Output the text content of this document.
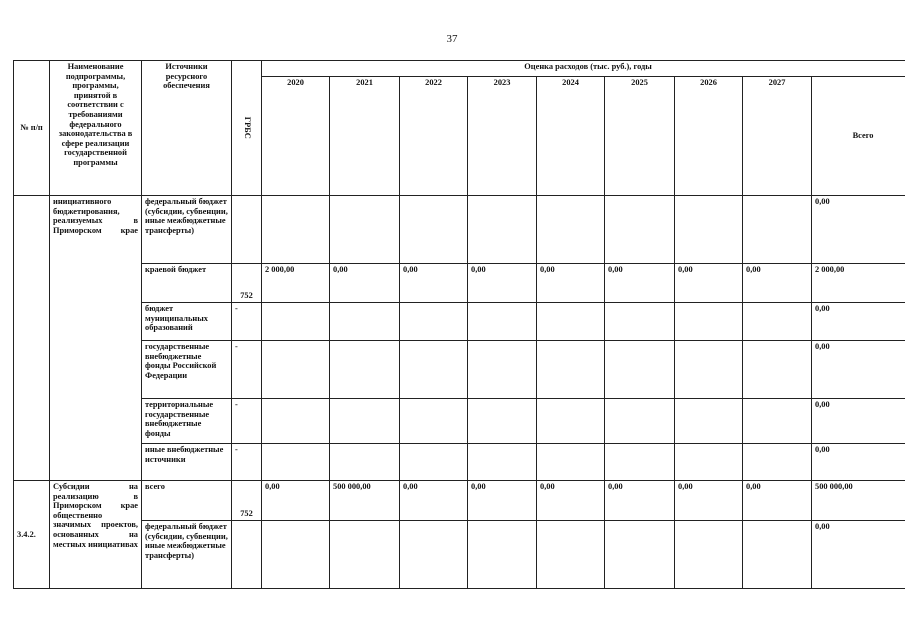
37
№ п/п	Наименование подпрограммы, программы, принятой в соответствии с требованиями федерального законодательства в сфере реализации государственной программы	Источники ресурсного обеспечения	ГРБС	Оценка расходов (тыс. руб.), годы								
				2020	2021	2022	2023	2024	2025	2026	2027	Всего
	инициативного бюджетирования, реализуемых в Приморском крае	федеральный бюджет (субсидии, субвенции, иные межбюджетные трансферты)										0,00
		краевой бюджет	752	2 000,00	0,00	0,00	0,00	0,00	0,00	0,00	0,00	2 000,00
		бюджет муниципальных образований	-									0,00
		государственные внебюджетные фонды Российской Федерации	-									0,00
		территориальные государственные внебюджетные фонды	-									0,00
		иные внебюджетные источники	-									0,00
3.4.2.	Субсидии на реализацию в Приморском крае общественно значимых проектов, основанных на местных инициативах	всего	752	0,00	500 000,00	0,00	0,00	0,00	0,00	0,00	0,00	500 000,00
		федеральный бюджет (субсидии, субвенции, иные межбюджетные трансферты)										0,00
